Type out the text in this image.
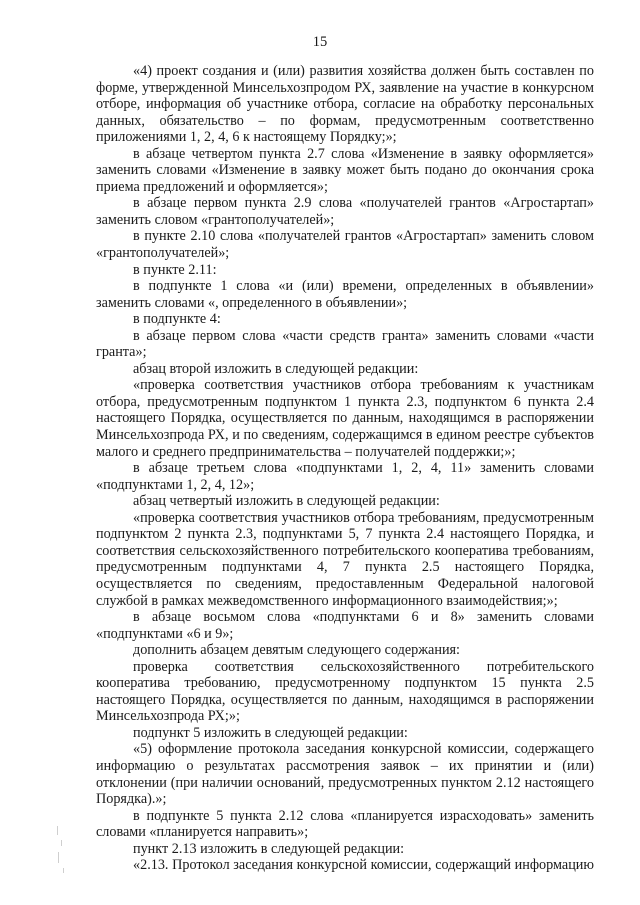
15

«4) проект создания и (или) развития хозяйства должен быть составлен по форме, утвержденной Минсельхозпродом РХ, заявление на участие в конкурсном отборе, информация об участнике отбора, согласие на обработку персональных данных, обязательство – по формам, предусмотренным соответственно приложениями 1, 2, 4, 6 к настоящему Порядку;»;

в абзаце четвертом пункта 2.7 слова «Изменение в заявку оформляется» заменить словами «Изменение в заявку может быть подано до окончания срока приема предложений и оформляется»;

в абзаце первом пункта 2.9 слова «получателей грантов «Агростартап» заменить словом «грантополучателей»;

в пункте 2.10 слова «получателей грантов «Агростартап» заменить словом «грантополучателей»;

в пункте 2.11:

в подпункте 1 слова «и (или) времени, определенных в объявлении» заменить словами «, определенного в объявлении»;

в подпункте 4:

в абзаце первом слова «части средств гранта» заменить словами «части гранта»;

абзац второй изложить в следующей редакции:

«проверка соответствия участников отбора требованиям к участникам отбора, предусмотренным подпунктом 1 пункта 2.3, подпунктом 6 пункта 2.4 настоящего Порядка, осуществляется по данным, находящимся в распоряжении Минсельхозпрода РХ, и по сведениям, содержащимся в едином реестре субъектов малого и среднего предпринимательства – получателей поддержки;»;

в абзаце третьем слова «подпунктами 1, 2, 4, 11» заменить словами «подпунктами 1, 2, 4, 12»;

абзац четвертый изложить в следующей редакции:

«проверка соответствия участников отбора требованиям, предусмотренным подпунктом 2 пункта 2.3, подпунктами 5, 7 пункта 2.4 настоящего Порядка, и соответствия сельскохозяйственного потребительского кооператива требованиям, предусмотренным подпунктами 4, 7 пункта 2.5 настоящего Порядка, осуществляется по сведениям, предоставленным Федеральной налоговой службой в рамках межведомственного информационного взаимодействия;»;

в абзаце восьмом слова «подпунктами 6 и 8» заменить словами «подпунктами «6 и 9»;

дополнить абзацем девятым следующего содержания:

проверка соответствия сельскохозяйственного потребительского кооператива требованию, предусмотренному подпунктом 15 пункта 2.5 настоящего Порядка, осуществляется по данным, находящимся в распоряжении Минсельхозпрода РХ;»;

подпункт 5 изложить в следующей редакции:

«5) оформление протокола заседания конкурсной комиссии, содержащего информацию о результатах рассмотрения заявок – их принятии и (или) отклонении (при наличии оснований, предусмотренных пунктом 2.12 настоящего Порядка).»;

в подпункте 5 пункта 2.12 слова «планируется израсходовать» заменить словами «планируется направить»;

пункт 2.13 изложить в следующей редакции:

«2.13. Протокол заседания конкурсной комиссии, содержащий информацию
